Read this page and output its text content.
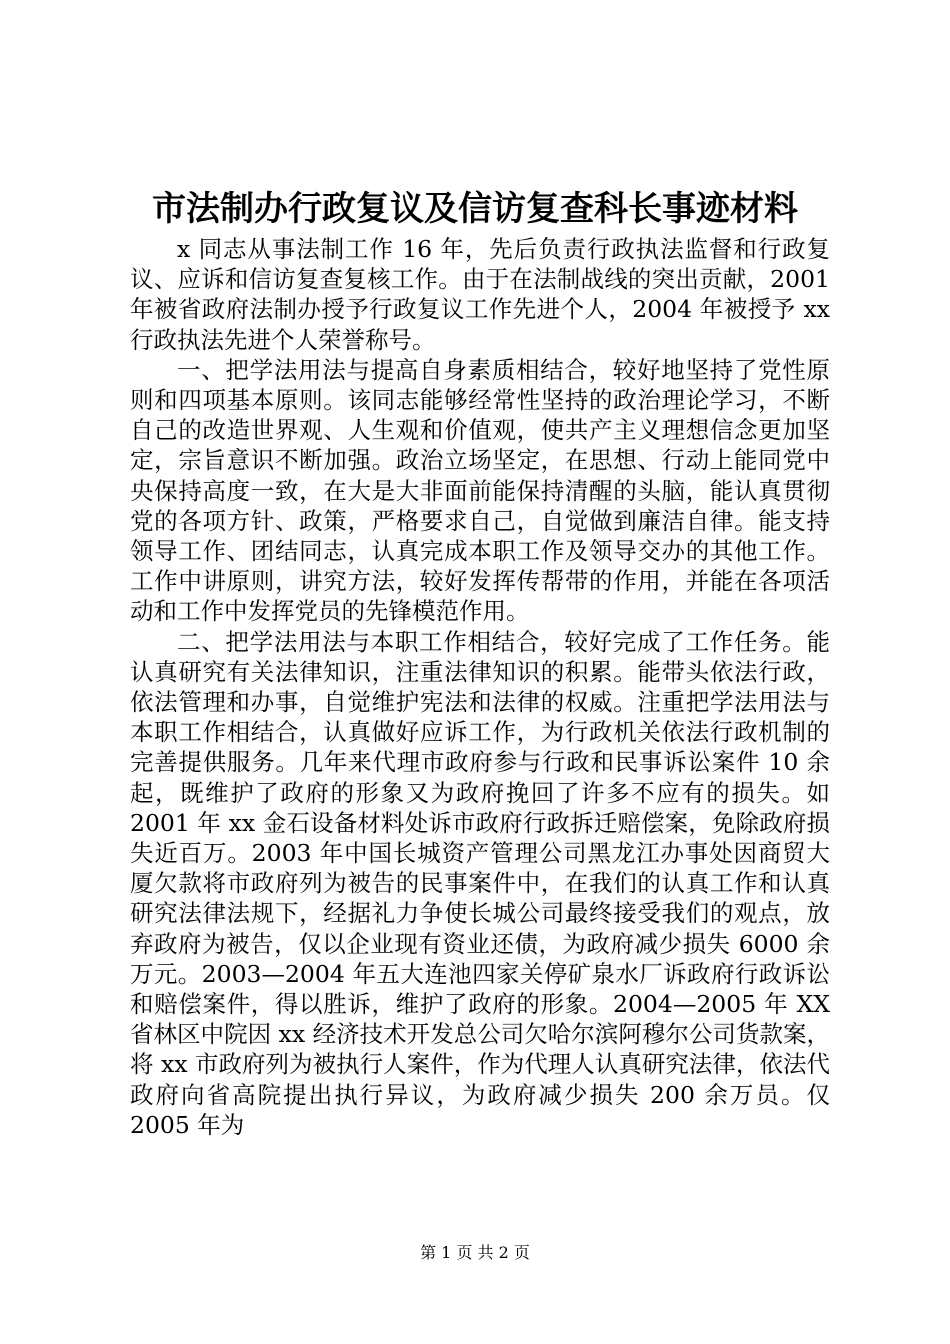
市法制办行政复议及信访复查科长事迹材料

x 同志从事法制工作 16 年，先后负责行政执法监督和行政复议、应诉和信访复查复核工作。由于在法制战线的突出贡献，2001 年被省政府法制办授予行政复议工作先进个人，2004 年被授予 xx 行政执法先进个人荣誉称号。

一、把学法用法与提高自身素质相结合，较好地坚持了党性原则和四项基本原则。该同志能够经常性坚持的政治理论学习，不断自己的改造世界观、人生观和价值观，使共产主义理想信念更加坚定，宗旨意识不断加强。政治立场坚定，在思想、行动上能同党中央保持高度一致，在大是大非面前能保持清醒的头脑，能认真贯彻党的各项方针、政策，严格要求自己，自觉做到廉洁自律。能支持领导工作、团结同志，认真完成本职工作及领导交办的其他工作。工作中讲原则，讲究方法，较好发挥传帮带的作用，并能在各项活动和工作中发挥党员的先锋模范作用。

二、把学法用法与本职工作相结合，较好完成了工作任务。能认真研究有关法律知识，注重法律知识的积累。能带头依法行政，依法管理和办事，自觉维护宪法和法律的权威。注重把学法用法与本职工作相结合，认真做好应诉工作，为行政机关依法行政机制的完善提供服务。几年来代理市政府参与行政和民事诉讼案件 10 余起，既维护了政府的形象又为政府挽回了许多不应有的损失。如 2001 年 xx 金石设备材料处诉市政府行政拆迁赔偿案，免除政府损失近百万。2003 年中国长城资产管理公司黑龙江办事处因商贸大厦欠款将市政府列为被告的民事案件中，在我们的认真工作和认真研究法律法规下，经据礼力争使长城公司最终接受我们的观点，放弃政府为被告，仅以企业现有资业还债，为政府减少损失 6000 余万元。2003—2004 年五大连池四家关停矿泉水厂诉政府行政诉讼和赔偿案件，得以胜诉，维护了政府的形象。2004—2005 年 XX 省林区中院因 xx 经济技术开发总公司欠哈尔滨阿穆尔公司货款案，将 xx 市政府列为被执行人案件，作为代理人认真研究法律，依法代政府向省高院提出执行异议，为政府减少损失 200 余万员。仅 2005 年为

第 1 页 共 2 页
